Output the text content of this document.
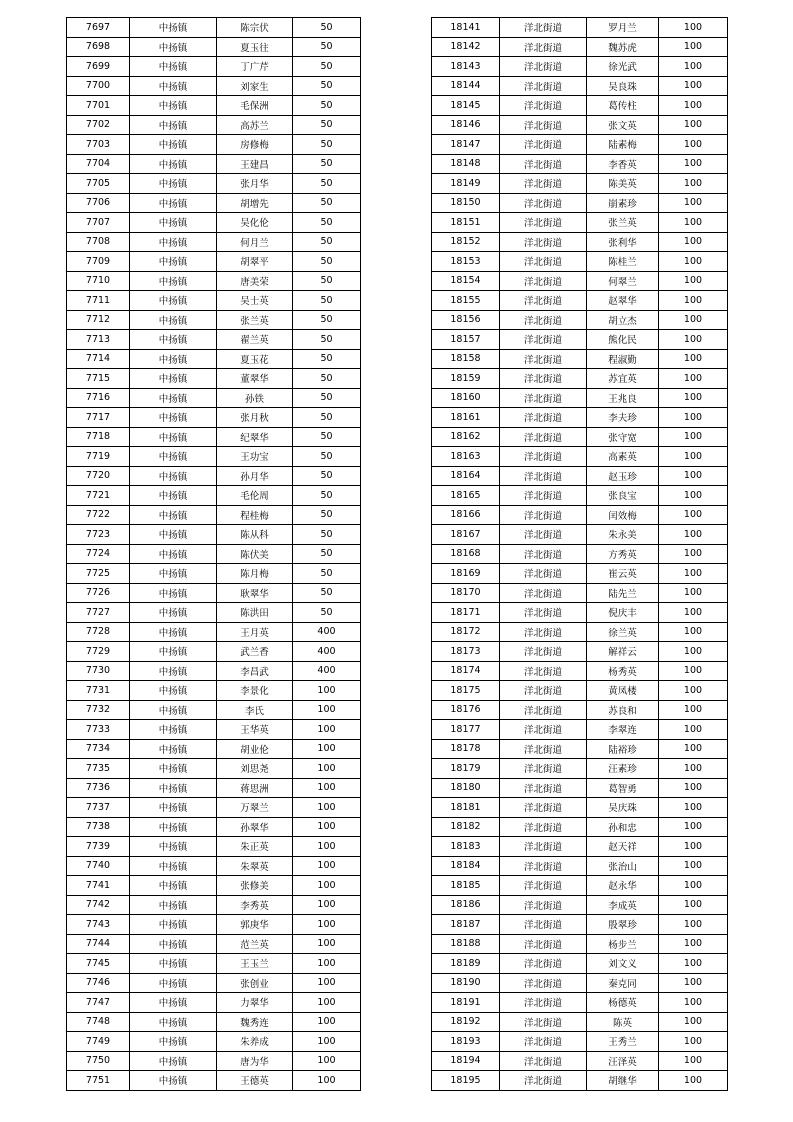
7697	中扬镇	陈宗伏	50
7698	中扬镇	夏玉往	50
7699	中扬镇	丁广芹	50
7700	中扬镇	刘家生	50
7701	中扬镇	毛保洲	50
7702	中扬镇	高苏兰	50
7703	中扬镇	房修梅	50
7704	中扬镇	王建昌	50
7705	中扬镇	张月华	50
7706	中扬镇	胡增先	50
7707	中扬镇	吴化伦	50
7708	中扬镇	何月兰	50
7709	中扬镇	胡翠平	50
7710	中扬镇	唐美荣	50
7711	中扬镇	吴士英	50
7712	中扬镇	张兰英	50
7713	中扬镇	翟兰英	50
7714	中扬镇	夏玉花	50
7715	中扬镇	董翠华	50
7716	中扬镇	孙铁	50
7717	中扬镇	张月秋	50
7718	中扬镇	纪翠华	50
7719	中扬镇	王功宝	50
7720	中扬镇	孙月华	50
7721	中扬镇	毛伦周	50
7722	中扬镇	程桂梅	50
7723	中扬镇	陈从科	50
7724	中扬镇	陈伏美	50
7725	中扬镇	陈月梅	50
7726	中扬镇	耿翠华	50
7727	中扬镇	陈洪田	50
7728	中扬镇	王月英	400
7729	中扬镇	武兰香	400
7730	中扬镇	李昌武	400
7731	中扬镇	李景化	100
7732	中扬镇	李氏	100
7733	中扬镇	王华英	100
7734	中扬镇	胡业伦	100
7735	中扬镇	刘思尧	100
7736	中扬镇	蒋思洲	100
7737	中扬镇	万翠兰	100
7738	中扬镇	孙翠华	100
7739	中扬镇	朱正英	100
7740	中扬镇	朱翠英	100
7741	中扬镇	张修美	100
7742	中扬镇	李秀英	100
7743	中扬镇	郭庚华	100
7744	中扬镇	范兰英	100
7745	中扬镇	王玉兰	100
7746	中扬镇	张创业	100
7747	中扬镇	力翠华	100
7748	中扬镇	魏秀连	100
7749	中扬镇	朱养成	100
7750	中扬镇	唐为华	100
7751	中扬镇	王德英	100
18141	洋北街道	罗月兰	100
18142	洋北街道	魏苏虎	100
18143	洋北街道	徐光武	100
18144	洋北街道	吴良珠	100
18145	洋北街道	葛传柱	100
18146	洋北街道	张文英	100
18147	洋北街道	陆素梅	100
18148	洋北街道	李香英	100
18149	洋北街道	陈美英	100
18150	洋北街道	崩素珍	100
18151	洋北街道	张兰英	100
18152	洋北街道	张利华	100
18153	洋北街道	陈桂兰	100
18154	洋北街道	何翠兰	100
18155	洋北街道	赵翠华	100
18156	洋北街道	胡立杰	100
18157	洋北街道	熊化民	100
18158	洋北街道	程淑勤	100
18159	洋北街道	苏宜英	100
18160	洋北街道	王兆良	100
18161	洋北街道	李夫珍	100
18162	洋北街道	张守宽	100
18163	洋北街道	高素英	100
18164	洋北街道	赵玉珍	100
18165	洋北街道	张良宝	100
18166	洋北街道	闰效梅	100
18167	洋北街道	朱永美	100
18168	洋北街道	方秀英	100
18169	洋北街道	崔云英	100
18170	洋北街道	陆先兰	100
18171	洋北街道	倪庆丰	100
18172	洋北街道	徐兰英	100
18173	洋北街道	解祥云	100
18174	洋北街道	杨秀英	100
18175	洋北街道	黄凤楼	100
18176	洋北街道	苏良和	100
18177	洋北街道	李翠连	100
18178	洋北街道	陆裕珍	100
18179	洋北街道	汪素珍	100
18180	洋北街道	葛智勇	100
18181	洋北街道	吴庆珠	100
18182	洋北街道	孙和忠	100
18183	洋北街道	赵天祥	100
18184	洋北街道	张治山	100
18185	洋北街道	赵永华	100
18186	洋北街道	李成英	100
18187	洋北街道	殷翠珍	100
18188	洋北街道	杨步兰	100
18189	洋北街道	刘文义	100
18190	洋北街道	秦克同	100
18191	洋北街道	杨德英	100
18192	洋北街道	陈英	100
18193	洋北街道	王秀兰	100
18194	洋北街道	汪泽英	100
18195	洋北街道	胡继华	100
